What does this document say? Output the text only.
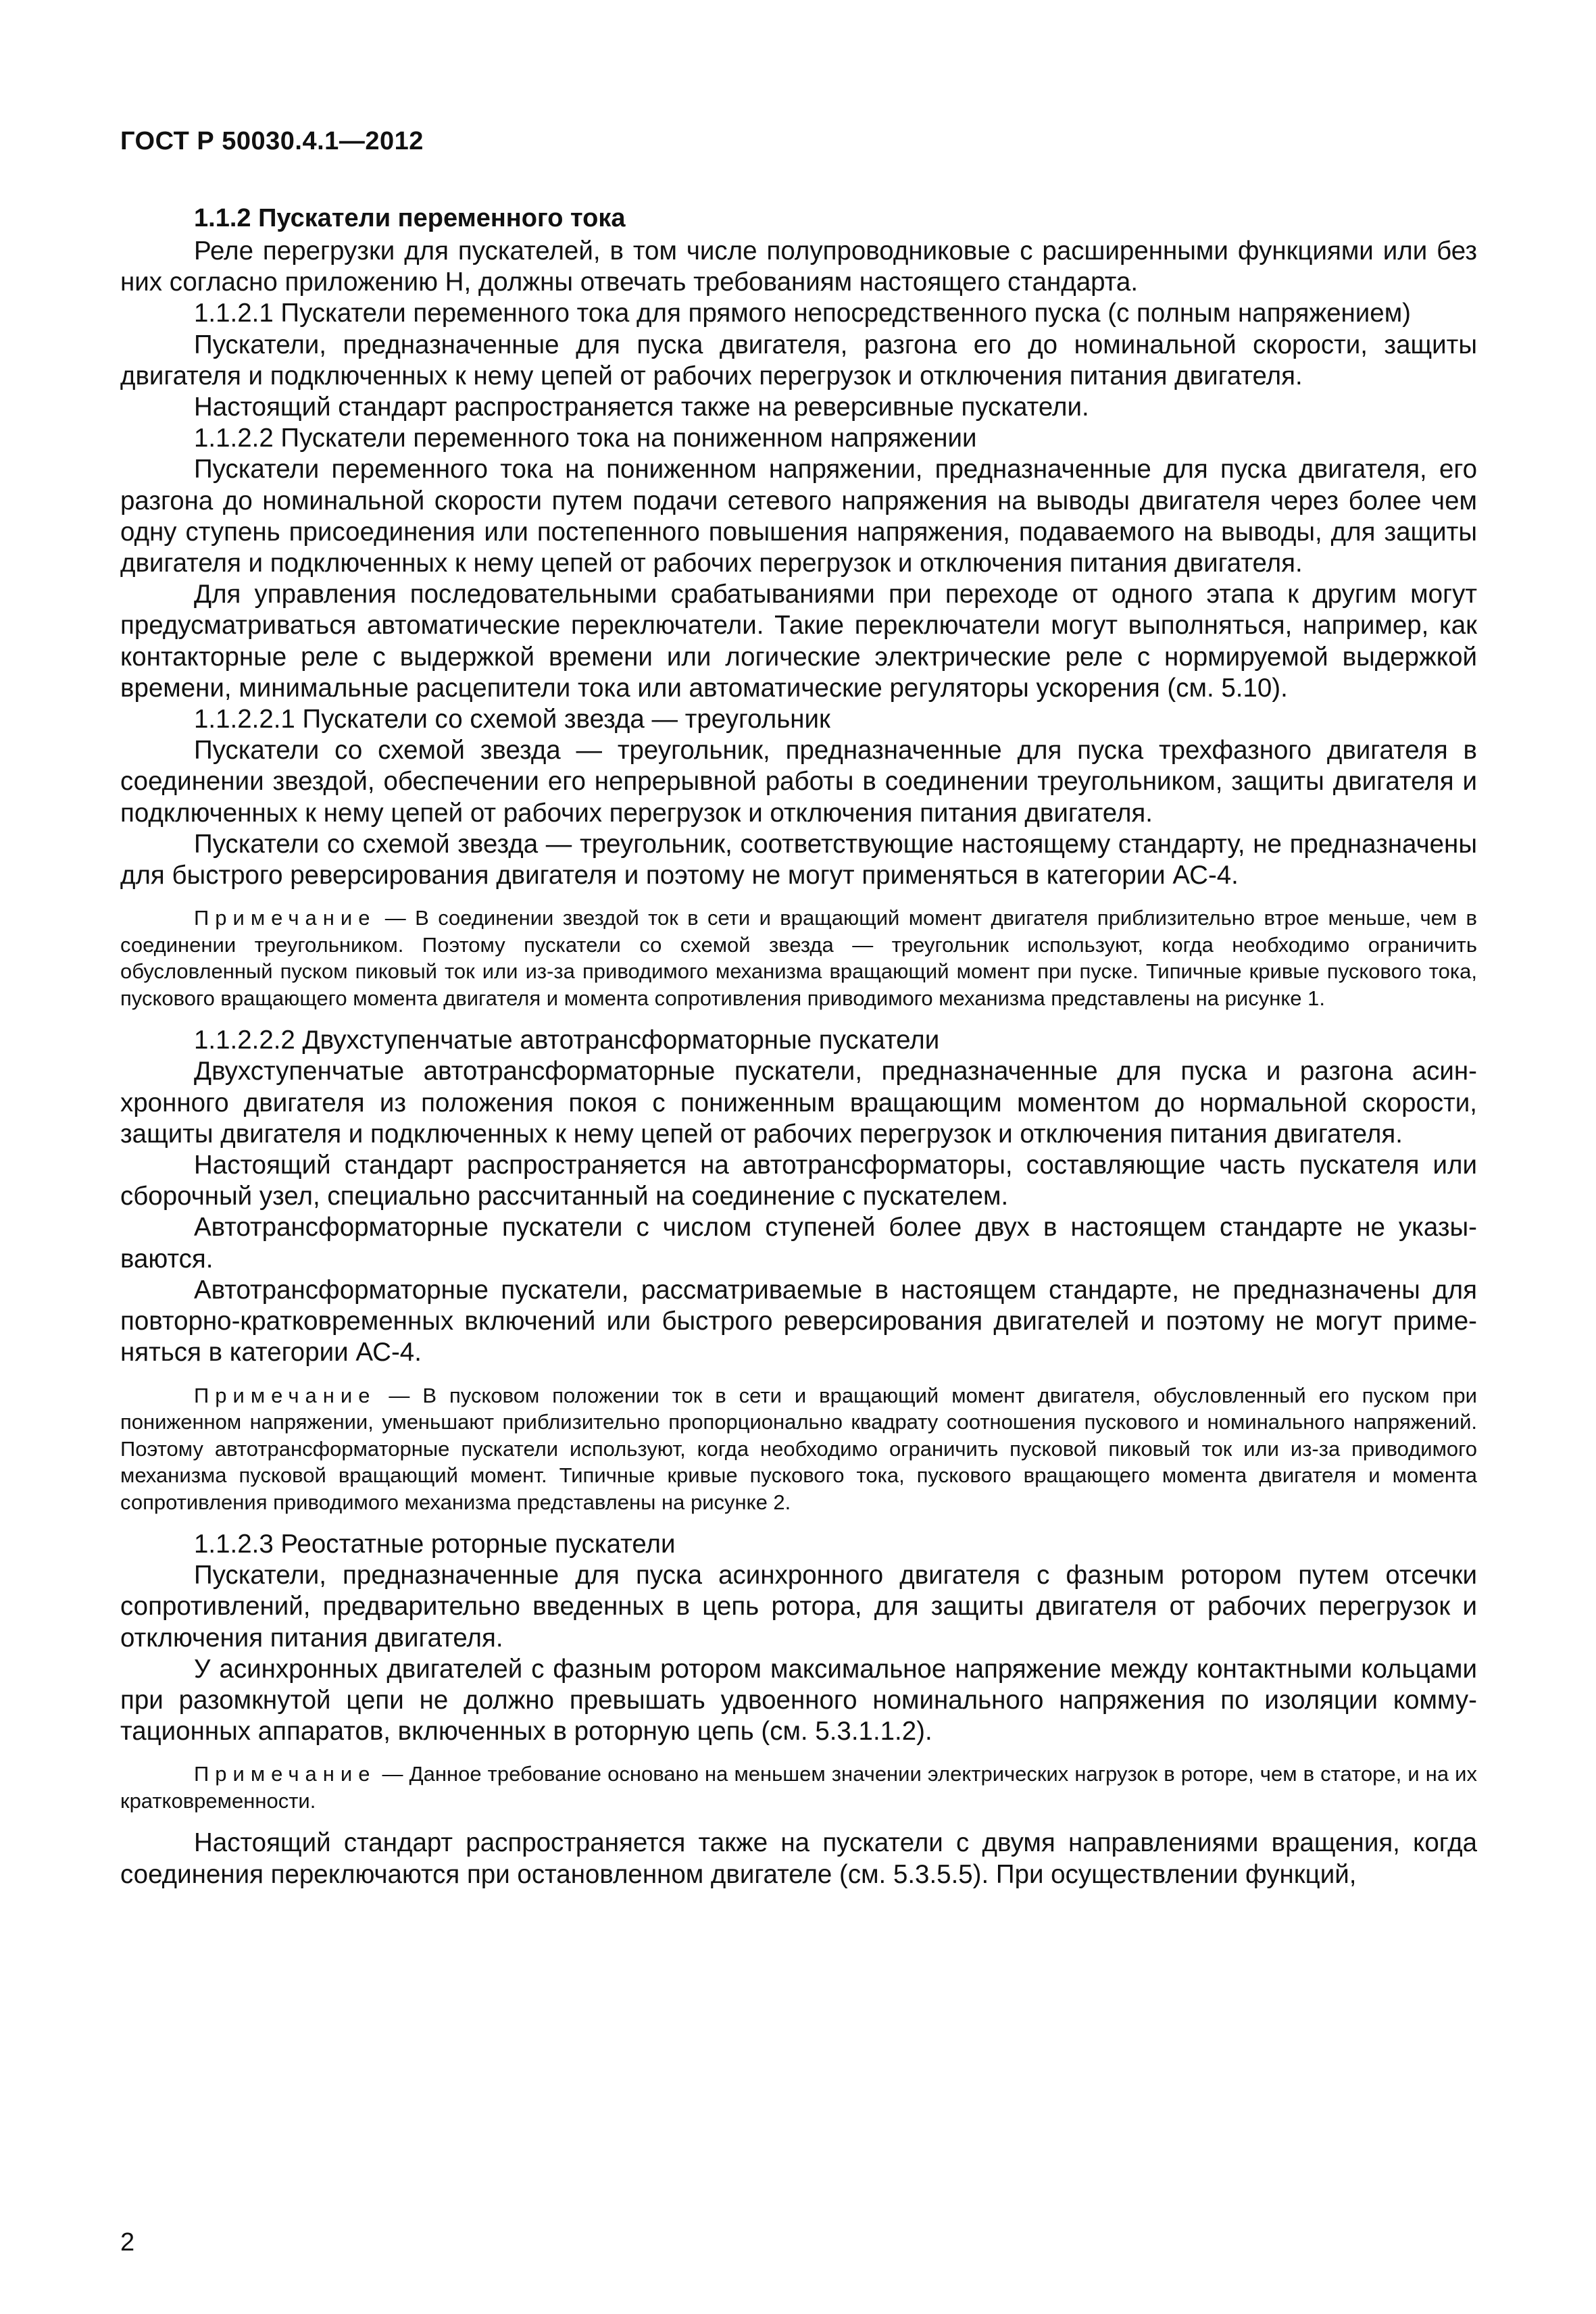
ГОСТ Р 50030.4.1—2012

1.1.2 Пускатели переменного тока

Реле перегрузки для пускателей, в том числе полупроводниковые с расширенными функциями или без них согласно приложению Н, должны отвечать требованиям настоящего стандарта.

1.1.2.1 Пускатели переменного тока для прямого непосредственного пуска (с полным напряжением)

Пускатели, предназначенные для пуска двигателя, разгона его до номинальной скорости, защиты двигателя и подключенных к нему цепей от рабочих перегрузок и отключения питания двигателя.

Настоящий стандарт распространяется также на реверсивные пускатели.

1.1.2.2 Пускатели переменного тока на пониженном напряжении

Пускатели переменного тока на пониженном напряжении, предназначенные для пуска двигателя, его разгона до номинальной скорости путем подачи сетевого напряжения на выводы двигателя через более чем одну ступень присоединения или постепенного повышения напряжения, подаваемого на выводы, для защиты двигателя и подключенных к нему цепей от рабочих перегрузок и отключения питания двигателя.

Для управления последовательными срабатываниями при переходе от одного этапа к другим могут предусматриваться автоматические переключатели. Такие переключатели могут выполняться, например, как контакторные реле с выдержкой времени или логические электрические реле с нормируемой выдержкой времени, минимальные расцепители тока или автоматические регуляторы ускорения (см. 5.10).

1.1.2.2.1 Пускатели со схемой звезда — треугольник

Пускатели со схемой звезда — треугольник, предназначенные для пуска трехфазного двигателя в соединении звездой, обеспечении его непрерывной работы в соединении треугольником, защиты двигателя и подключенных к нему цепей от рабочих перегрузок и отключения питания двигателя.

Пускатели со схемой звезда — треугольник, соответствующие настоящему стандарту, не предназначены для быстрого реверсирования двигателя и поэтому не могут применяться в категории АС-4.

Примечание — В соединении звездой ток в сети и вращающий момент двигателя приблизительно втрое меньше, чем в соединении треугольником. Поэтому пускатели со схемой звезда — треугольник используют, когда необходимо ограничить обусловленный пуском пиковый ток или из-за приводимого механизма вращающий момент при пуске. Типичные кривые пускового тока, пускового вращающего момента двигателя и момента сопротивления приводимого механизма представлены на рисунке 1.

1.1.2.2.2 Двухступенчатые автотрансформаторные пускатели

Двухступенчатые автотрансформаторные пускатели, предназначенные для пуска и разгона асинхронного двигателя из положения покоя с пониженным вращающим моментом до нормальной скорости, защиты двигателя и подключенных к нему цепей от рабочих перегрузок и отключения питания двигателя.

Настоящий стандарт распространяется на автотрансформаторы, составляющие часть пускателя или сборочный узел, специально рассчитанный на соединение с пускателем.

Автотрансформаторные пускатели с числом ступеней более двух в настоящем стандарте не указываются.

Автотрансформаторные пускатели, рассматриваемые в настоящем стандарте, не предназначены для повторно-кратковременных включений или быстрого реверсирования двигателей и поэтому не могут применяться в категории АС-4.

Примечание — В пусковом положении ток в сети и вращающий момент двигателя, обусловленный его пуском при пониженном напряжении, уменьшают приблизительно пропорционально квадрату соотношения пускового и номинального напряжений. Поэтому автотрансформаторные пускатели используют, когда необходимо ограничить пусковой пиковый ток или из-за приводимого механизма пусковой вращающий момент. Типичные кривые пускового тока, пускового вращающего момента двигателя и момента сопротивления приводимого механизма представлены на рисунке 2.

1.1.2.3 Реостатные роторные пускатели

Пускатели, предназначенные для пуска асинхронного двигателя с фазным ротором путем отсечки сопротивлений, предварительно введенных в цепь ротора, для защиты двигателя от рабочих перегрузок и отключения питания двигателя.

У асинхронных двигателей с фазным ротором максимальное напряжение между контактными кольцами при разомкнутой цепи не должно превышать удвоенного номинального напряжения по изоляции коммутационных аппаратов, включенных в роторную цепь (см. 5.3.1.1.2).

Примечание — Данное требование основано на меньшем значении электрических нагрузок в роторе, чем в статоре, и на их кратковременности.

Настоящий стандарт распространяется также на пускатели с двумя направлениями вращения, когда соединения переключаются при остановленном двигателе (см. 5.3.5.5). При осуществлении функций,

2
